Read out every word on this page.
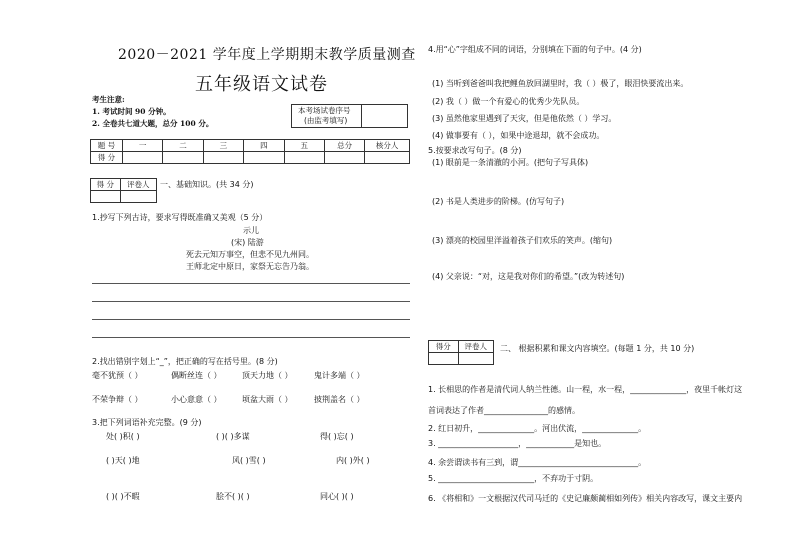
2020－2021 学年度上学期期末教学质量测查
五年级语文试卷
考生注意:
1. 考试时间 90 分钟。
2. 全卷共七道大题，总分 100 分。
本考场试卷序号
(由监考填写)
题 号	一	二	三	四	五	总分	核分人
得 分							
得 分	评卷人
	一、基础知识。(共 34 分)
1.抄写下列古诗，要求写得既准确又美观（5 分）
示儿
(宋) 陆游
死去元知万事空，但悲不见九州同。
王师北定中原日，家祭无忘告乃翁。
2.找出错别字划上“_”，把正确的写在括号里。(8 分)
毫不犹预（ ）	偶断丝连（ ）	顶天力地（ ）	鬼计多端（ ）
不荣争辩（ ）	小心意意（ ）	顷盆大雨（ ）	披荆盖名（ ）
3.把下列词语补充完整。(9 分)
处( )积( )	( )( )多谋	得( )忘( )
( )天( )地	风( )雪( )	内( )外( )
( )( )不暇	脍不( )( )	同心( )( )
4.用“心”字组成不同的词语，分别填在下面的句子中。(4 分)
(1) 当听到爸爸叫我把鲤鱼放回湖里时，我（ ）极了，眼泪快要流出来。
(2) 我（ ）做一个有爱心的优秀少先队员。
(3) 虽然他家里遇到了天灾，但是他依然（ ）学习。
(4) 做事要有（ ），如果中途退却，就不会成功。
5.按要求改写句子。(8 分)
(1) 眼前是一条清澈的小河。(把句子写具体)
(2) 书是人类进步的阶梯。(仿写句子)
(3) 漂亮的校园里洋溢着孩子们欢乐的笑声。(缩句)
(4) 父亲说：“对，这是我对你们的希望。”(改为转述句)
得分	评卷人
	二、 根据积累和课文内容填空。(每题 1 分，共 10 分)
1. 长相思的作者是清代词人纳兰性德。山一程，水一程，______________，夜里千帐灯这
首词表达了作者________________的感情。
2. 红日初升，______________。河出伏流，______________。
3. ____________________，____________是知也。
4. 余尝谓读书有三到，谓______________________________。
5. ________________________，不弃功于寸阴。
6. 《将相和》一文根据汉代司马迁的《史记廉颇蔺相如列传》相关内容改写，课文主要内
